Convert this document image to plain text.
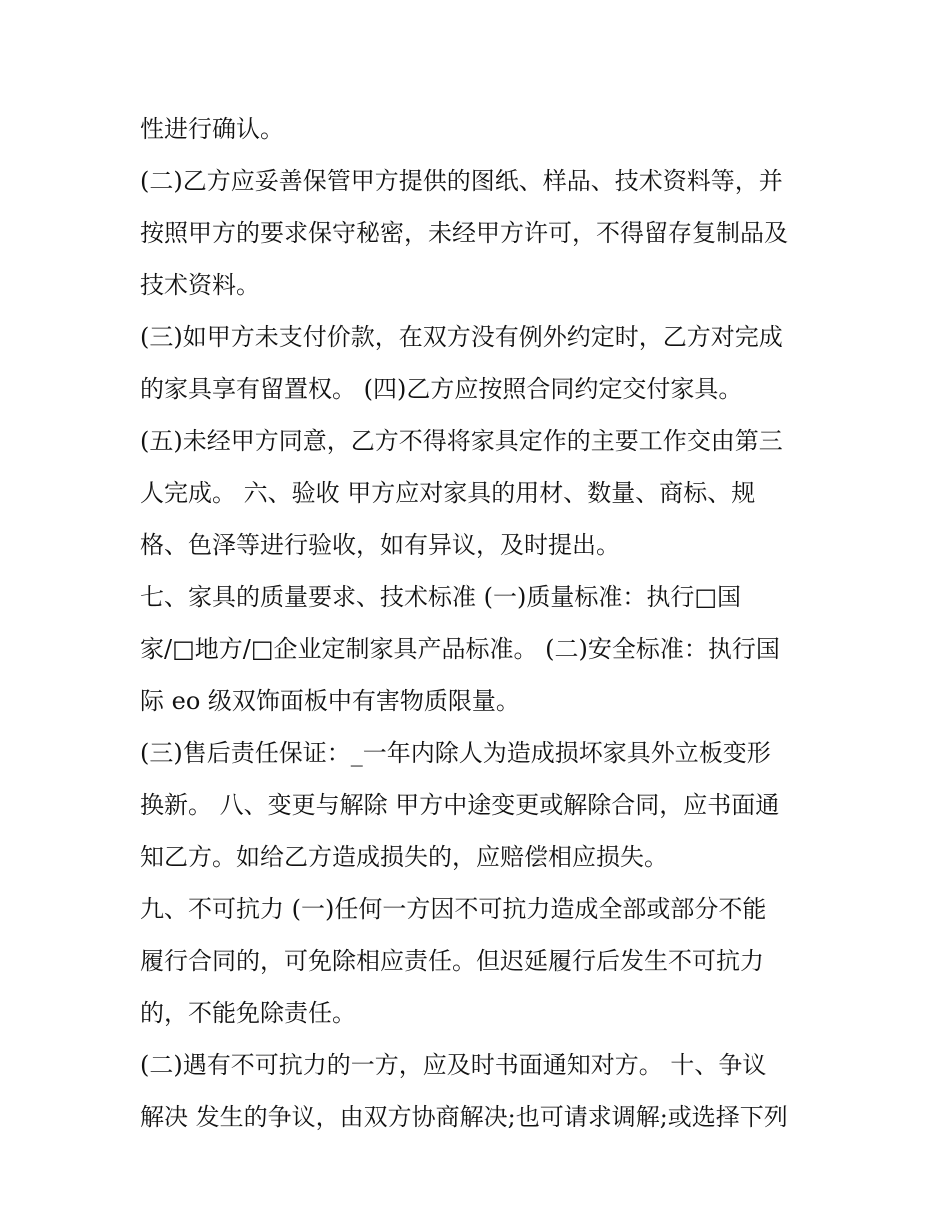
性进行确认。
(二)乙方应妥善保管甲方提供的图纸、样品、技术资料等，并
按照甲方的要求保守秘密，未经甲方许可，不得留存复制品及
技术资料。
(三)如甲方未支付价款，在双方没有例外约定时，乙方对完成
的家具享有留置权。 (四)乙方应按照合同约定交付家具。
(五)未经甲方同意，乙方不得将家具定作的主要工作交由第三
人完成。 六、验收 甲方应对家具的用材、数量、商标、规
格、色泽等进行验收，如有异议，及时提出。
七、家具的质量要求、技术标准 (一)质量标准：执行□国
家/□地方/□企业定制家具产品标准。 (二)安全标准：执行国
际 eo 级双饰面板中有害物质限量。
(三)售后责任保证：_一年内除人为造成损坏家具外立板变形
换新。 八、变更与解除 甲方中途变更或解除合同，应书面通
知乙方。如给乙方造成损失的，应赔偿相应损失。
九、不可抗力 (一)任何一方因不可抗力造成全部或部分不能
履行合同的，可免除相应责任。但迟延履行后发生不可抗力
的，不能免除责任。
(二)遇有不可抗力的一方，应及时书面通知对方。 十、争议
解决 发生的争议，由双方协商解决;也可请求调解;或选择下列
